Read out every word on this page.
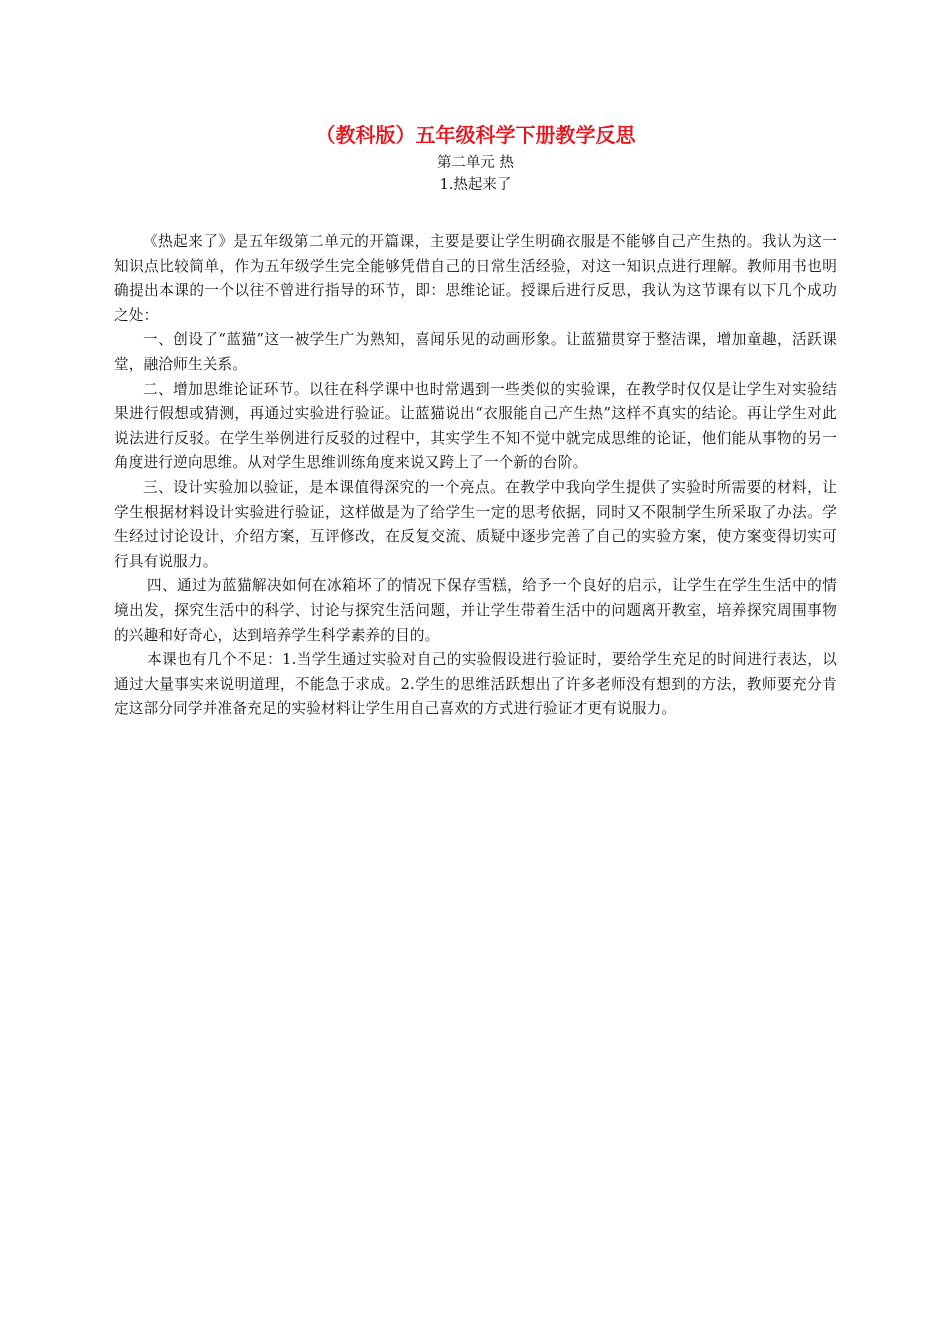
（教科版）五年级科学下册教学反思

第二单元 热

1.热起来了

《热起来了》是五年级第二单元的开篇课，主要是要让学生明确衣服是不能够自己产生热的。我认为这一知识点比较简单，作为五年级学生完全能够凭借自己的日常生活经验，对这一知识点进行理解。教师用书也明确提出本课的一个以往不曾进行指导的环节，即：思维论证。授课后进行反思，我认为这节课有以下几个成功之处：

一、创设了“蓝猫”这一被学生广为熟知，喜闻乐见的动画形象。让蓝猫贯穿于整洁课，增加童趣，活跃课堂，融洽师生关系。

二、增加思维论证环节。以往在科学课中也时常遇到一些类似的实验课，在教学时仅仅是让学生对实验结果进行假想或猜测，再通过实验进行验证。让蓝猫说出“衣服能自己产生热”这样不真实的结论。再让学生对此说法进行反驳。在学生举例进行反驳的过程中，其实学生不知不觉中就完成思维的论证，他们能从事物的另一角度进行逆向思维。从对学生思维训练角度来说又跨上了一个新的台阶。

三、设计实验加以验证，是本课值得深究的一个亮点。在教学中我向学生提供了实验时所需要的材料，让学生根据材料设计实验进行验证，这样做是为了给学生一定的思考依据，同时又不限制学生所采取了办法。学生经过讨论设计，介绍方案，互评修改，在反复交流、质疑中逐步完善了自己的实验方案，使方案变得切实可行具有说服力。

四、通过为蓝猫解决如何在冰箱坏了的情况下保存雪糕，给予一个良好的启示，让学生在学生生活中的情境出发，探究生活中的科学、讨论与探究生活问题，并让学生带着生活中的问题离开教室，培养探究周围事物的兴趣和好奇心，达到培养学生科学素养的目的。

本课也有几个不足：1.当学生通过实验对自己的实验假设进行验证时，要给学生充足的时间进行表达，以通过大量事实来说明道理，不能急于求成。2.学生的思维活跃想出了许多老师没有想到的方法，教师要充分肯定这部分同学并准备充足的实验材料让学生用自己喜欢的方式进行验证才更有说服力。
